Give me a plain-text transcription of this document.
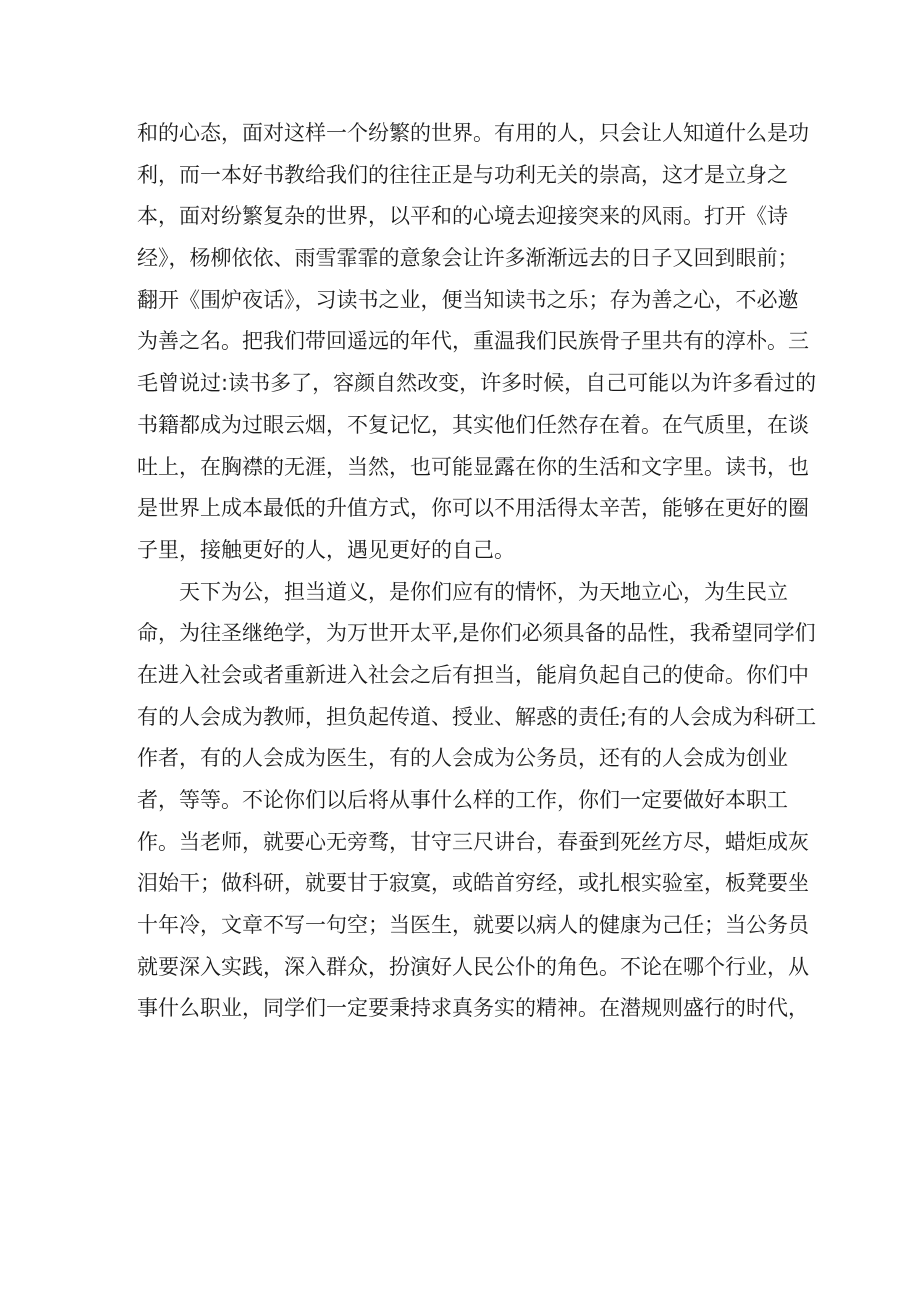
和的心态，面对这样一个纷繁的世界。有用的人，只会让人知道什么是功
利，而一本好书教给我们的往往正是与功利无关的崇高，这才是立身之
本，面对纷繁复杂的世界，以平和的心境去迎接突来的风雨。打开《诗
经》，杨柳依依、雨雪霏霏的意象会让许多渐渐远去的日子又回到眼前；
翻开《围炉夜话》，习读书之业，便当知读书之乐；存为善之心，不必邀
为善之名。把我们带回遥远的年代，重温我们民族骨子里共有的淳朴。三
毛曾说过:读书多了，容颜自然改变，许多时候，自己可能以为许多看过的
书籍都成为过眼云烟，不复记忆，其实他们任然存在着。在气质里，在谈
吐上，在胸襟的无涯，当然，也可能显露在你的生活和文字里。读书，也
是世界上成本最低的升值方式，你可以不用活得太辛苦，能够在更好的圈
子里，接触更好的人，遇见更好的自己。
天下为公，担当道义，是你们应有的情怀，为天地立心，为生民立
命，为往圣继绝学，为万世开太平,是你们必须具备的品性，我希望同学们
在进入社会或者重新进入社会之后有担当，能肩负起自己的使命。你们中
有的人会成为教师，担负起传道、授业、解惑的责任;有的人会成为科研工
作者，有的人会成为医生，有的人会成为公务员，还有的人会成为创业
者，等等。不论你们以后将从事什么样的工作，你们一定要做好本职工
作。当老师，就要心无旁骛，甘守三尺讲台，春蚕到死丝方尽，蜡炬成灰
泪始干；做科研，就要甘于寂寞，或皓首穷经，或扎根实验室，板凳要坐
十年冷，文章不写一句空；当医生，就要以病人的健康为己任；当公务员
就要深入实践，深入群众，扮演好人民公仆的角色。不论在哪个行业，从
事什么职业，同学们一定要秉持求真务实的精神。在潜规则盛行的时代，
